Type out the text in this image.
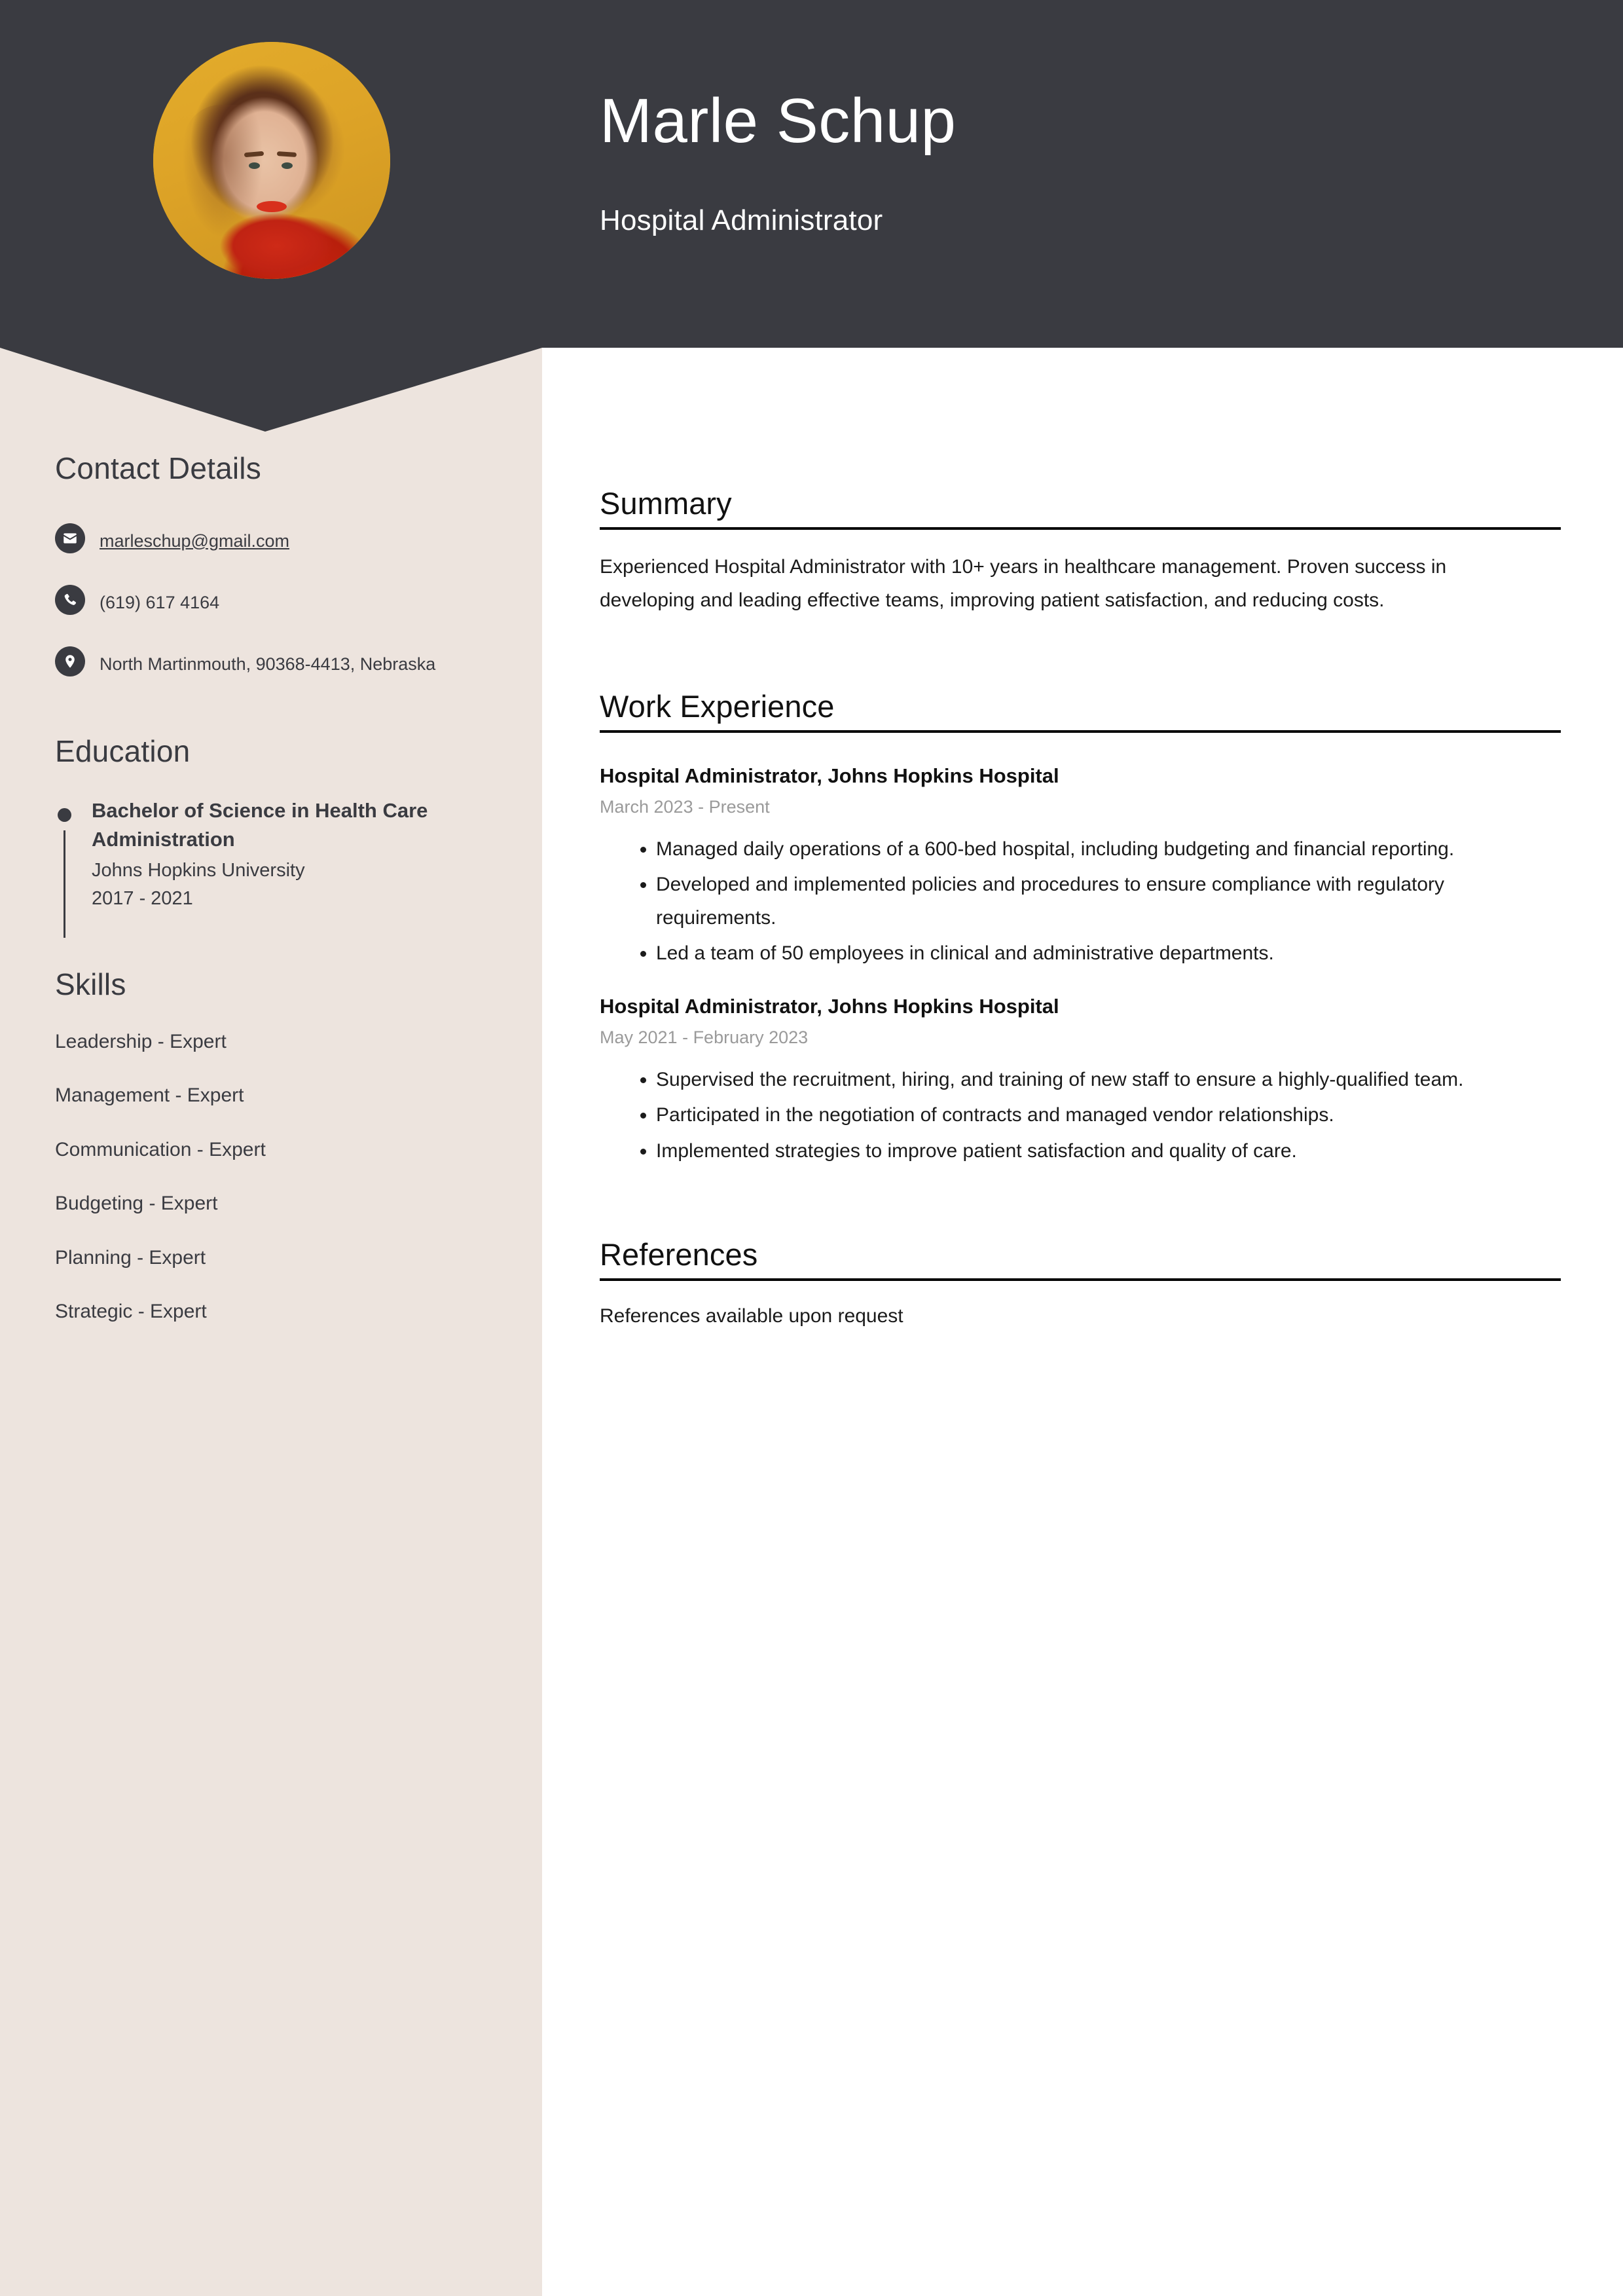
Marle Schup
Hospital Administrator
Contact Details
marleschup@gmail.com
(619) 617 4164
North Martinmouth, 90368-4413, Nebraska
Education
Bachelor of Science in Health Care Administration
Johns Hopkins University
2017 - 2021
Skills
Leadership - Expert
Management - Expert
Communication - Expert
Budgeting - Expert
Planning - Expert
Strategic - Expert
Summary
Experienced Hospital Administrator with 10+ years in healthcare management. Proven success in developing and leading effective teams, improving patient satisfaction, and reducing costs.
Work Experience
Hospital Administrator, Johns Hopkins Hospital
March 2023 - Present
• Managed daily operations of a 600-bed hospital, including budgeting and financial reporting.
• Developed and implemented policies and procedures to ensure compliance with regulatory requirements.
• Led a team of 50 employees in clinical and administrative departments.
Hospital Administrator, Johns Hopkins Hospital
May 2021 - February 2023
• Supervised the recruitment, hiring, and training of new staff to ensure a highly-qualified team.
• Participated in the negotiation of contracts and managed vendor relationships.
• Implemented strategies to improve patient satisfaction and quality of care.
References
References available upon request
